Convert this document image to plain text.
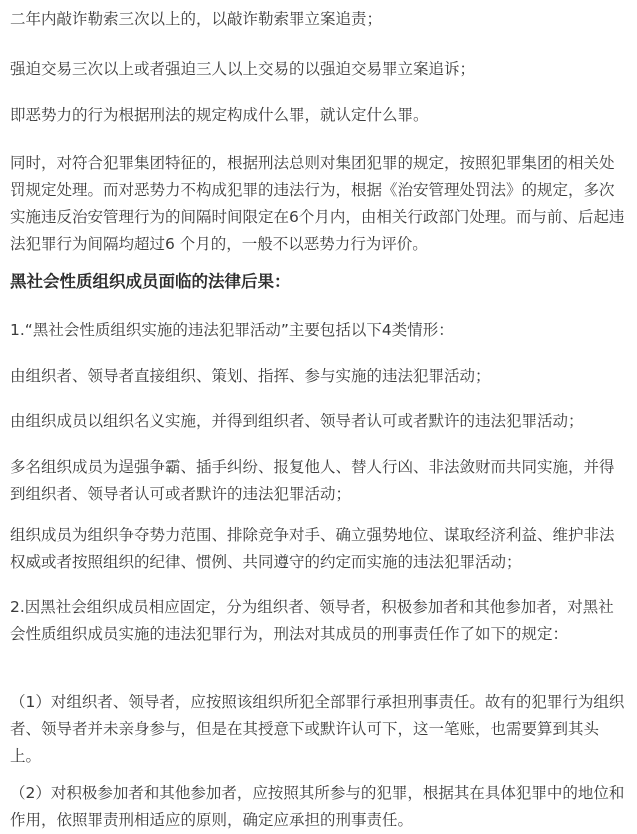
二年内敲诈勒索三次以上的，以敲诈勒索罪立案追责；

强迫交易三次以上或者强迫三人以上交易的以强迫交易罪立案追诉；

即恶势力的行为根据刑法的规定构成什么罪，就认定什么罪。

同时，对符合犯罪集团特征的，根据刑法总则对集团犯罪的规定，按照犯罪集团的相关处罚规定处理。而对恶势力不构成犯罪的违法行为，根据《治安管理处罚法》的规定，多次实施违反治安管理行为的间隔时间限定在6个月内，由相关行政部门处理。而与前、后起违法犯罪行为间隔均超过6 个月的，一般不以恶势力行为评价。

黑社会性质组织成员面临的法律后果：

1.“黑社会性质组织实施的违法犯罪活动”主要包括以下4类情形：

由组织者、领导者直接组织、策划、指挥、参与实施的违法犯罪活动；

由组织成员以组织名义实施，并得到组织者、领导者认可或者默许的违法犯罪活动；

多名组织成员为逞强争霸、插手纠纷、报复他人、替人行凶、非法敛财而共同实施，并得到组织者、领导者认可或者默许的违法犯罪活动；

组织成员为组织争夺势力范围、排除竞争对手、确立强势地位、谋取经济利益、维护非法权威或者按照组织的纪律、惯例、共同遵守的约定而实施的违法犯罪活动；

2.因黑社会组织成员相应固定，分为组织者、领导者，积极参加者和其他参加者，对黑社会性质组织成员实施的违法犯罪行为，刑法对其成员的刑事责任作了如下的规定：

（1）对组织者、领导者，应按照该组织所犯全部罪行承担刑事责任。故有的犯罪行为组织者、领导者并未亲身参与，但是在其授意下或默许认可下，这一笔账，也需要算到其头上。

（2）对积极参加者和其他参加者，应按照其所参与的犯罪，根据其在具体犯罪中的地位和作用，依照罪责刑相适应的原则，确定应承担的刑事责任。
